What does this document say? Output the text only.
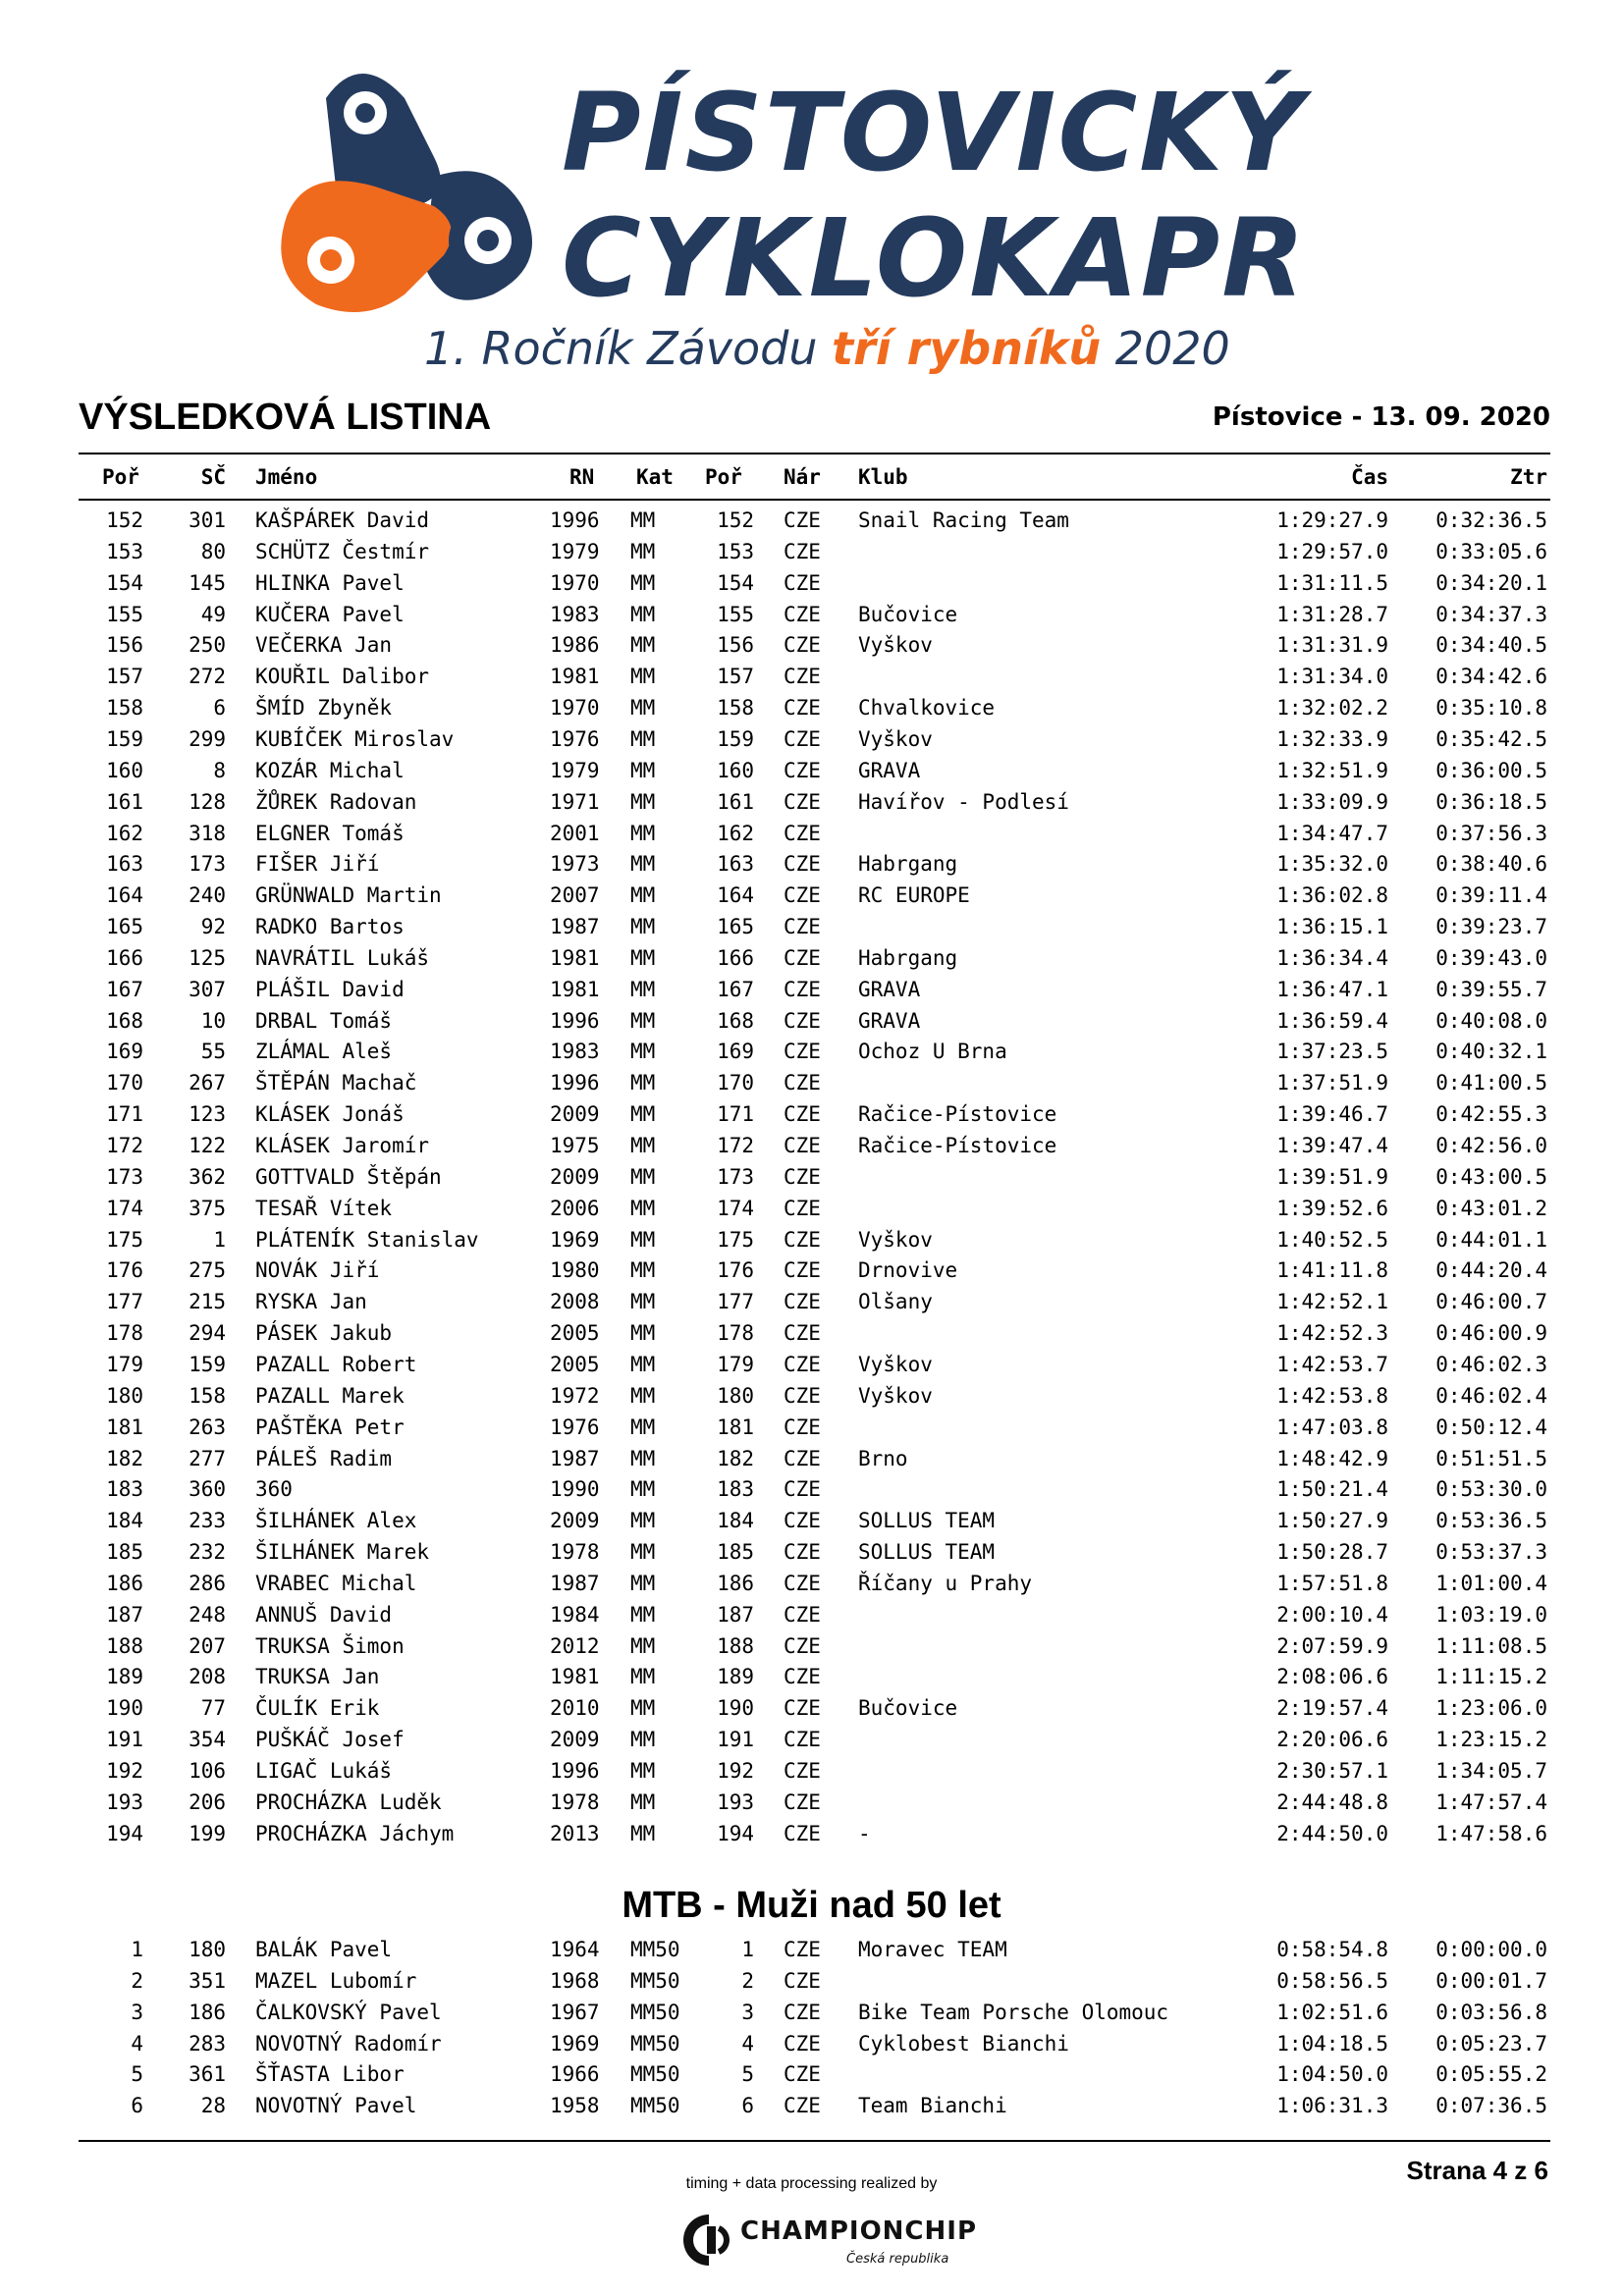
PÍSTOVICKÝ
CYKLOKAPR
1. Ročník Závodu tří rybníků 2020
VÝSLEDKOVÁ LISTINA	Pístovice - 13. 09. 2020
Poř	SČ Jméno	RN	Kat	Poř	Nár	Klub	Čas	Ztr
152	301 KAŠPÁREK David	1996	MM	152 CZE	Snail Racing Team	1:29:27.9	0:32:36.5
153	80 SCHÜTZ Čestmír	1979	MM	153 CZE	1:29:57.0	0:33:05.6
154	145 HLINKA Pavel	1970	MM	154 CZE	1:31:11.5	0:34:20.1
155	49 KUČERA Pavel	1983	MM	155 CZE	Bučovice	1:31:28.7	0:34:37.3
156	250 VEČERKA Jan	1986	MM	156 CZE	Vyškov	1:31:31.9	0:34:40.5
157	272 KOUŘIL Dalibor	1981	MM	157 CZE	1:31:34.0	0:34:42.6
158	6 ŠMÍD Zbyněk	1970	MM	158 CZE	Chvalkovice	1:32:02.2	0:35:10.8
159	299 KUBÍČEK Miroslav	1976	MM	159 CZE	Vyškov	1:32:33.9	0:35:42.5
160	8 KOZÁR Michal	1979	MM	160 CZE	GRAVA	1:32:51.9	0:36:00.5
161	128 ŽŮREK Radovan	1971	MM	161 CZE	Havířov - Podlesí	1:33:09.9	0:36:18.5
162	318 ELGNER Tomáš	2001	MM	162 CZE	1:34:47.7	0:37:56.3
163	173 FIŠER Jiří	1973	MM	163 CZE	Habrgang	1:35:32.0	0:38:40.6
164	240 GRÜNWALD Martin	2007	MM	164 CZE	RC EUROPE	1:36:02.8	0:39:11.4
165	92 RADKO Bartos	1987	MM	165 CZE	1:36:15.1	0:39:23.7
166	125 NAVRÁTIL Lukáš	1981	MM	166 CZE	Habrgang	1:36:34.4	0:39:43.0
167	307 PLÁŠIL David	1981	MM	167 CZE	GRAVA	1:36:47.1	0:39:55.7
168	10 DRBAL Tomáš	1996	MM	168 CZE	GRAVA	1:36:59.4	0:40:08.0
169	55 ZLÁMAL Aleš	1983	MM	169 CZE	Ochoz U Brna	1:37:23.5	0:40:32.1
170	267 ŠTĚPÁN Machač	1996	MM	170 CZE	1:37:51.9	0:41:00.5
171	123 KLÁSEK Jonáš	2009	MM	171 CZE	Račice-Pístovice	1:39:46.7	0:42:55.3
172	122 KLÁSEK Jaromír	1975	MM	172 CZE	Račice-Pístovice	1:39:47.4	0:42:56.0
173	362 GOTTVALD Štěpán	2009	MM	173 CZE	1:39:51.9	0:43:00.5
174	375 TESAŘ Vítek	2006	MM	174 CZE	1:39:52.6	0:43:01.2
175	1 PLÁTENÍK Stanislav	1969	MM	175 CZE	Vyškov	1:40:52.5	0:44:01.1
176	275 NOVÁK Jiří	1980	MM	176 CZE	Drnovive	1:41:11.8	0:44:20.4
177	215 RYSKA Jan	2008	MM	177 CZE	Olšany	1:42:52.1	0:46:00.7
178	294 PÁSEK Jakub	2005	MM	178 CZE	1:42:52.3	0:46:00.9
179	159 PAZALL Robert	2005	MM	179 CZE	Vyškov	1:42:53.7	0:46:02.3
180	158 PAZALL Marek	1972	MM	180 CZE	Vyškov	1:42:53.8	0:46:02.4
181	263 PAŠTĚKA Petr	1976	MM	181 CZE	1:47:03.8	0:50:12.4
182	277 PÁLEŠ Radim	1987	MM	182 CZE	Brno	1:48:42.9	0:51:51.5
183	360 360	1990	MM	183 CZE	1:50:21.4	0:53:30.0
184	233 ŠILHÁNEK Alex	2009	MM	184 CZE	SOLLUS TEAM	1:50:27.9	0:53:36.5
185	232 ŠILHÁNEK Marek	1978	MM	185 CZE	SOLLUS TEAM	1:50:28.7	0:53:37.3
186	286 VRABEC Michal	1987	MM	186 CZE	Říčany u Prahy	1:57:51.8	1:01:00.4
187	248 ANNUŠ David	1984	MM	187 CZE	2:00:10.4	1:03:19.0
188	207 TRUKSA Šimon	2012	MM	188 CZE	2:07:59.9	1:11:08.5
189	208 TRUKSA Jan	1981	MM	189 CZE	2:08:06.6	1:11:15.2
190	77 ČULÍK Erik	2010	MM	190 CZE	Bučovice	2:19:57.4	1:23:06.0
191	354 PUŠKÁČ Josef	2009	MM	191 CZE	2:20:06.6	1:23:15.2
192	106 LIGAČ Lukáš	1996	MM	192 CZE	2:30:57.1	1:34:05.7
193	206 PROCHÁZKA Luděk	1978	MM	193 CZE	2:44:48.8	1:47:57.4
194	199 PROCHÁZKA Jáchym	2013	MM	194 CZE	-	2:44:50.0	1:47:58.6
MTB - Muži nad 50 let
1	180 BALÁK Pavel	1964	MM50	1 CZE	Moravec TEAM	0:58:54.8	0:00:00.0
2	351 MAZEL Lubomír	1968	MM50	2 CZE	0:58:56.5	0:00:01.7
3	186 ČALKOVSKÝ Pavel	1967	MM50	3 CZE	Bike Team Porsche Olomouc	1:02:51.6	0:03:56.8
4	283 NOVOTNÝ Radomír	1969	MM50	4 CZE	Cyklobest Bianchi	1:04:18.5	0:05:23.7
5	361 ŠŤASTA Libor	1966	MM50	5 CZE	1:04:50.0	0:05:55.2
6	28 NOVOTNÝ Pavel	1958	MM50	6 CZE	Team Bianchi	1:06:31.3	0:07:36.5
Strana 4 z 6
timing + data processing realized by
CHAMPIONCHIP
Česká republika
